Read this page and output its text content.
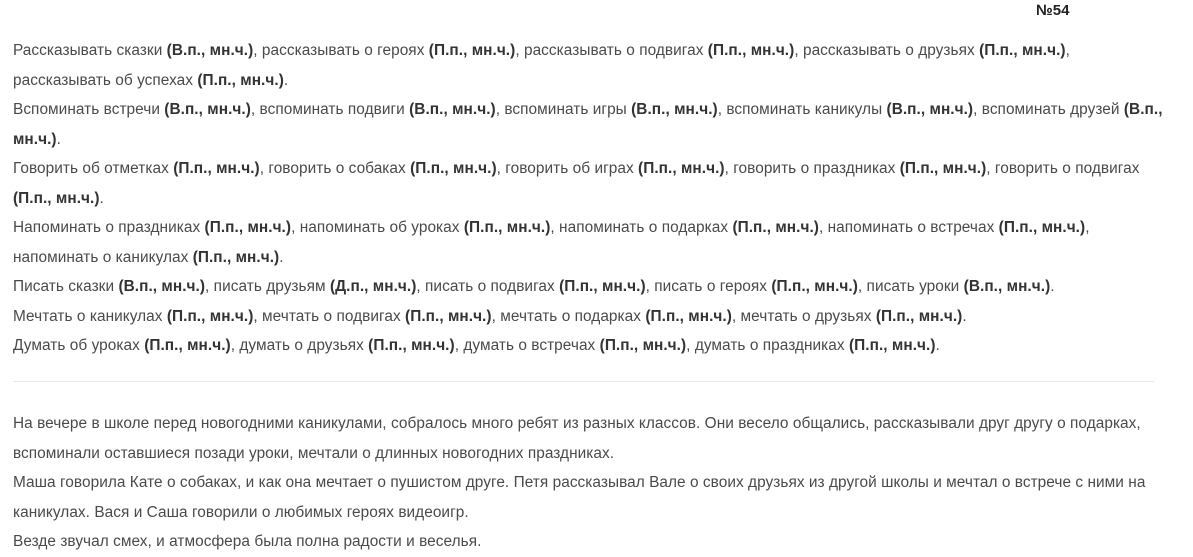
№54

Рассказывать сказки (В.п., мн.ч.), рассказывать о героях (П.п., мн.ч.), рассказывать о подвигах (П.п., мн.ч.), рассказывать о друзьях (П.п., мн.ч.), рассказывать об успехах (П.п., мн.ч.).

Вспоминать встречи (В.п., мн.ч.), вспоминать подвиги (В.п., мн.ч.), вспоминать игры (В.п., мн.ч.), вспоминать каникулы (В.п., мн.ч.), вспоминать друзей (В.п., мн.ч.).

Говорить об отметках (П.п., мн.ч.), говорить о собаках (П.п., мн.ч.), говорить об играх (П.п., мн.ч.), говорить о праздниках (П.п., мн.ч.), говорить о подвигах (П.п., мн.ч.).

Напоминать о праздниках (П.п., мн.ч.), напоминать об уроках (П.п., мн.ч.), напоминать о подарках (П.п., мн.ч.), напоминать о встречах (П.п., мн.ч.), напоминать о каникулах (П.п., мн.ч.).

Писать сказки (В.п., мн.ч.), писать друзьям (Д.п., мн.ч.), писать о подвигах (П.п., мн.ч.), писать о героях (П.п., мн.ч.), писать уроки (В.п., мн.ч.).

Мечтать о каникулах (П.п., мн.ч.), мечтать о подвигах (П.п., мн.ч.), мечтать о подарках (П.п., мн.ч.), мечтать о друзьях (П.п., мн.ч.).

Думать об уроках (П.п., мн.ч.), думать о друзьях (П.п., мн.ч.), думать о встречах (П.п., мн.ч.), думать о праздниках (П.п., мн.ч.).

На вечере в школе перед новогодними каникулами, собралось много ребят из разных классов. Они весело общались, рассказывали друг другу о подарках, вспоминали оставшиеся позади уроки, мечтали о длинных новогодних праздниках.

Маша говорила Кате о собаках, и как она мечтает о пушистом друге. Петя рассказывал Вале о своих друзьях из другой школы и мечтал о встрече с ними на каникулах. Вася и Саша говорили о любимых героях видеоигр.

Везде звучал смех, и атмосфера была полна радости и веселья.
